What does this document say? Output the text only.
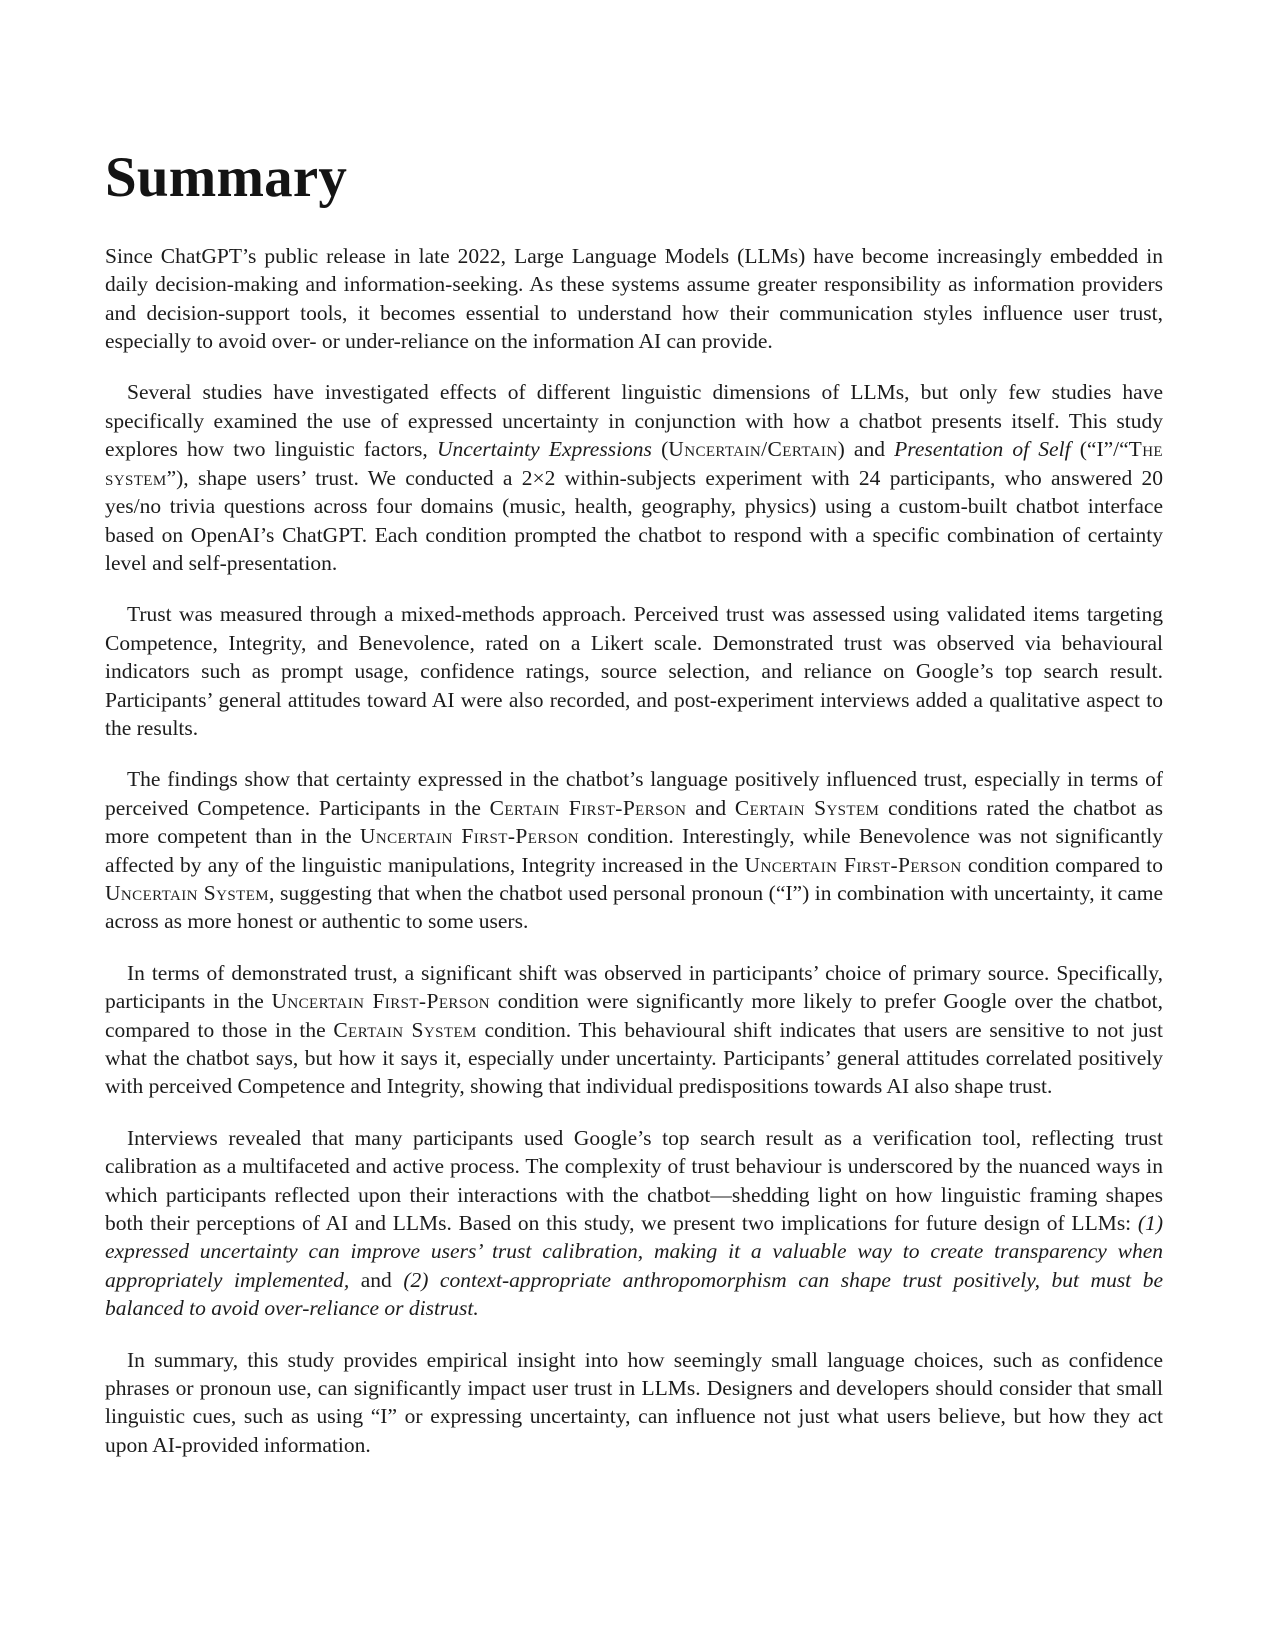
Summary

Since ChatGPT’s public release in late 2022, Large Language Models (LLMs) have become increasingly embedded in daily decision-making and information-seeking. As these systems assume greater responsibility as information providers and decision-support tools, it becomes essential to understand how their communication styles influence user trust, especially to avoid over- or under-reliance on the information AI can provide.

Several studies have investigated effects of different linguistic dimensions of LLMs, but only few studies have specifically examined the use of expressed uncertainty in conjunction with how a chatbot presents itself. This study explores how two linguistic factors, Uncertainty Expressions (Uncertain/Certain) and Presentation of Self (“I”/“The system”), shape users’ trust. We conducted a 2×2 within-subjects experiment with 24 participants, who answered 20 yes/no trivia questions across four domains (music, health, geography, physics) using a custom-built chatbot interface based on OpenAI’s ChatGPT. Each condition prompted the chatbot to respond with a specific combination of certainty level and self-presentation.

Trust was measured through a mixed-methods approach. Perceived trust was assessed using validated items targeting Competence, Integrity, and Benevolence, rated on a Likert scale. Demonstrated trust was observed via behavioural indicators such as prompt usage, confidence ratings, source selection, and reliance on Google’s top search result. Participants’ general attitudes toward AI were also recorded, and post-experiment interviews added a qualitative aspect to the results.

The findings show that certainty expressed in the chatbot’s language positively influenced trust, especially in terms of perceived Competence. Participants in the Certain First-Person and Certain System conditions rated the chatbot as more competent than in the Uncertain First-Person condition. Interestingly, while Benevolence was not significantly affected by any of the linguistic manipulations, Integrity increased in the Uncertain First-Person condition compared to Uncertain System, suggesting that when the chatbot used personal pronoun (“I”) in combination with uncertainty, it came across as more honest or authentic to some users.

In terms of demonstrated trust, a significant shift was observed in participants’ choice of primary source. Specifically, participants in the Uncertain First-Person condition were significantly more likely to prefer Google over the chatbot, compared to those in the Certain System condition. This behavioural shift indicates that users are sensitive to not just what the chatbot says, but how it says it, especially under uncertainty. Participants’ general attitudes correlated positively with perceived Competence and Integrity, showing that individual predispositions towards AI also shape trust.

Interviews revealed that many participants used Google’s top search result as a verification tool, reflecting trust calibration as a multifaceted and active process. The complexity of trust behaviour is underscored by the nuanced ways in which participants reflected upon their interactions with the chatbot—shedding light on how linguistic framing shapes both their perceptions of AI and LLMs. Based on this study, we present two implications for future design of LLMs: (1) expressed uncertainty can improve users’ trust calibration, making it a valuable way to create transparency when appropriately implemented, and (2) context-appropriate anthropomorphism can shape trust positively, but must be balanced to avoid over-reliance or distrust.

In summary, this study provides empirical insight into how seemingly small language choices, such as confidence phrases or pronoun use, can significantly impact user trust in LLMs. Designers and developers should consider that small linguistic cues, such as using “I” or expressing uncertainty, can influence not just what users believe, but how they act upon AI-provided information.
